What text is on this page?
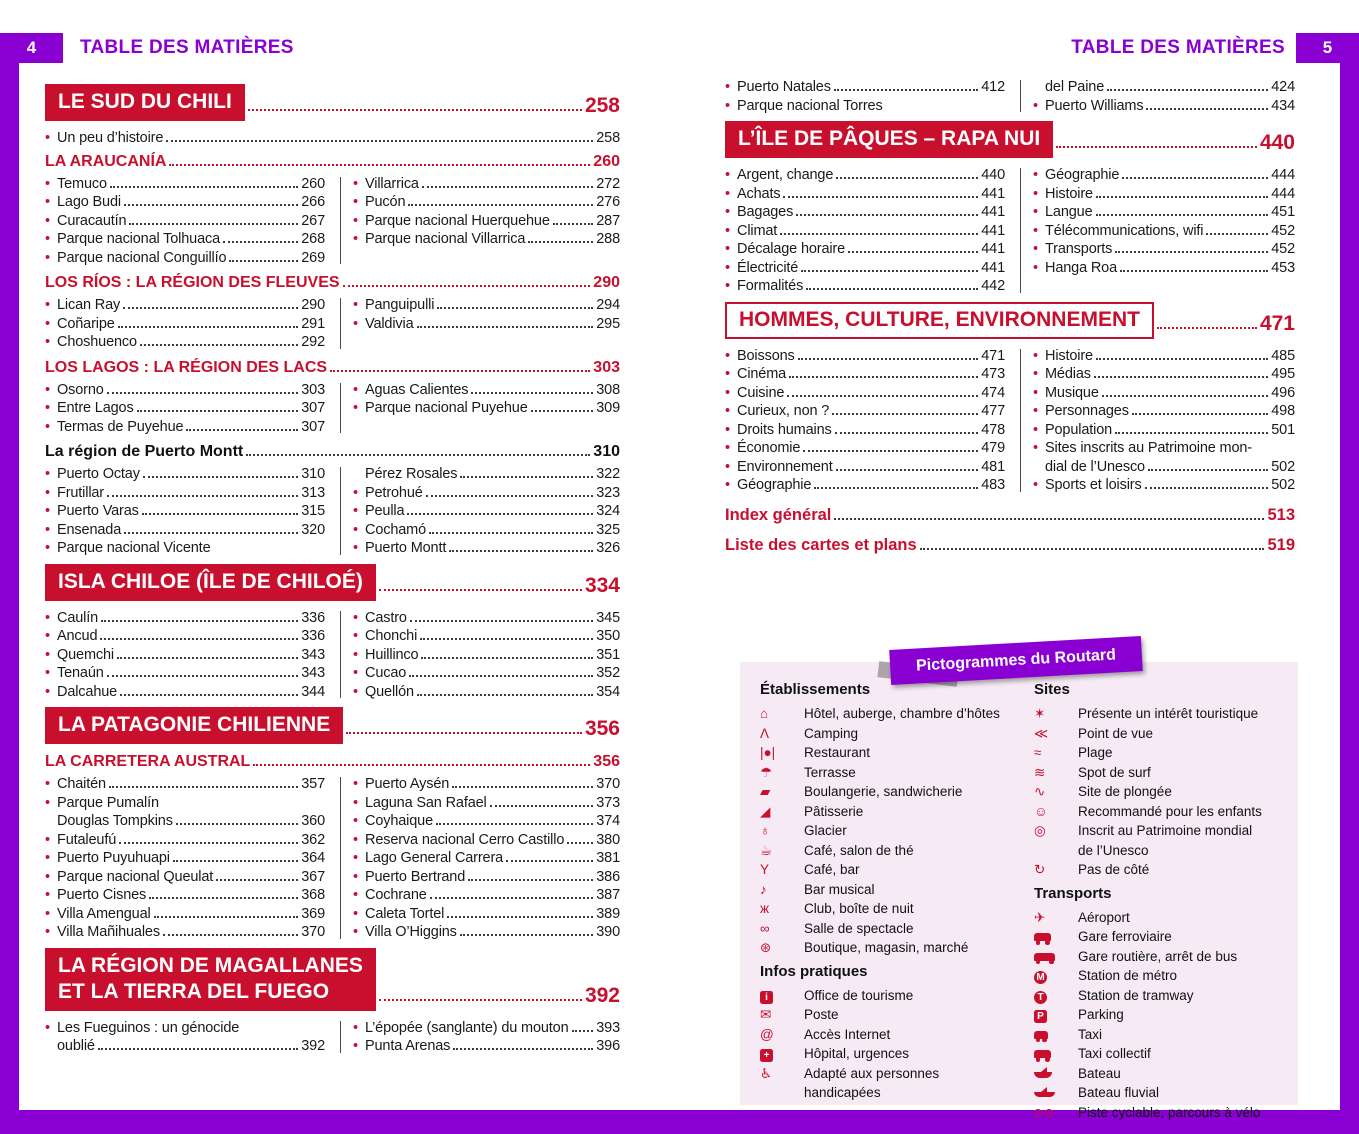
4	5
TABLE DES MATIÈRES	TABLE DES MATIÈRES
LE SUD DU CHILI	258
• Un peu d’histoire	258
LA ARAUCANÍA	260
• Temuco	260
• Lago Budi	266
• Curacautín	267
• Parque nacional Tolhuaca	268
• Parque nacional Conguillío	269
• Villarrica	272
• Pucón	276
• Parque nacional Huerquehue	287
• Parque nacional Villarrica	288
LOS RÍOS : LA RÉGION DES FLEUVES	290
• Lican Ray	290
• Coñaripe	291
• Choshuenco	292
• Panguipulli	294
• Valdivia	295
LOS LAGOS : LA RÉGION DES LACS	303
• Osorno	303
• Entre Lagos	307
• Termas de Puyehue	307
• Aguas Calientes	308
• Parque nacional Puyehue	309
La région de Puerto Montt	310
• Puerto Octay	310
• Frutillar	313
• Puerto Varas	315
• Ensenada	320
• Parque nacional Vicente
Pérez Rosales	322
• Petrohué	323
• Peulla	324
• Cochamó	325
• Puerto Montt	326
ISLA CHILOE (ÎLE DE CHILOÉ)	334
• Caulín	336
• Ancud	336
• Quemchi	343
• Tenaún	343
• Dalcahue	344
• Castro	345
• Chonchi	350
• Huillinco	351
• Cucao	352
• Quellón	354
LA PATAGONIE CHILIENNE	356
LA CARRETERA AUSTRAL	356
• Chaitén	357
• Parque Pumalín
Douglas Tompkins	360
• Futaleufú	362
• Puerto Puyuhuapi	364
• Parque nacional Queulat	367
• Puerto Cisnes	368
• Villa Amengual	369
• Villa Mañihuales	370
• Puerto Aysén	370
• Laguna San Rafael	373
• Coyhaique	374
• Reserva nacional Cerro Castillo 380
• Lago General Carrera	381
• Puerto Bertrand	386
• Cochrane	387
• Caleta Tortel	389
• Villa O’Higgins	390
LA RÉGION DE MAGALLANES
ET LA TIERRA DEL FUEGO	392
• Les Fueguinos : un génocide
oublié	392
• L’épopée (sanglante) du mouton 393
• Punta Arenas	396
• Puerto Natales	412
• Parque nacional Torres
del Paine	424
• Puerto Williams	434
L’ÎLE DE PÂQUES – RAPA NUI	440
• Argent, change	440
• Achats	441
• Bagages	441
• Climat	441
• Décalage horaire	441
• Électricité	441
• Formalités	442
• Géographie	444
• Histoire	444
• Langue	451
• Télécommunications, wifi	452
• Transports	452
• Hanga Roa	453
HOMMES, CULTURE, ENVIRONNEMENT	471
• Boissons	471
• Cinéma	473
• Cuisine	474
• Curieux, non ?	477
• Droits humains	478
• Économie	479
• Environnement	481
• Géographie	483
• Histoire	485
• Médias	495
• Musique	496
• Personnages	498
• Population	501
• Sites inscrits au Patrimoine mon-
dial de l’Unesco	502
• Sports et loisirs	502
Index général	513
Liste des cartes et plans	519
Pictogrammes du Routard
Établissements
⌂	Hôtel, auberge, chambre d’hôtes
Λ	Camping
|●|	Restaurant
☂	Terrasse
▰	Boulangerie, sandwicherie
◢	Pâtisserie
♁	Glacier
☕	Café, salon de thé
Y	Café, bar
♪	Bar musical
ж	Club, boîte de nuit
∞	Salle de spectacle
⊛	Boutique, magasin, marché
Infos pratiques
i	Office de tourisme
✉	Poste
@	Accès Internet
+	Hôpital, urgences
♿	Adapté aux personnes
handicapées
Sites
✶	Présente un intérêt touristique
≪	Point de vue
≈	Plage
≋	Spot de surf
∿	Site de plongée
☺	Recommandé pour les enfants
◎	Inscrit au Patrimoine mondial
de l’Unesco
↻	Pas de côté
Transports
✈	Aéroport
Gare ferroviaire
Gare routière, arrêt de bus
M	Station de métro
T	Station de tramway
P	Parking
Taxi
Taxi collectif
Bateau
Bateau fluvial
Piste cyclable, parcours à vélo
